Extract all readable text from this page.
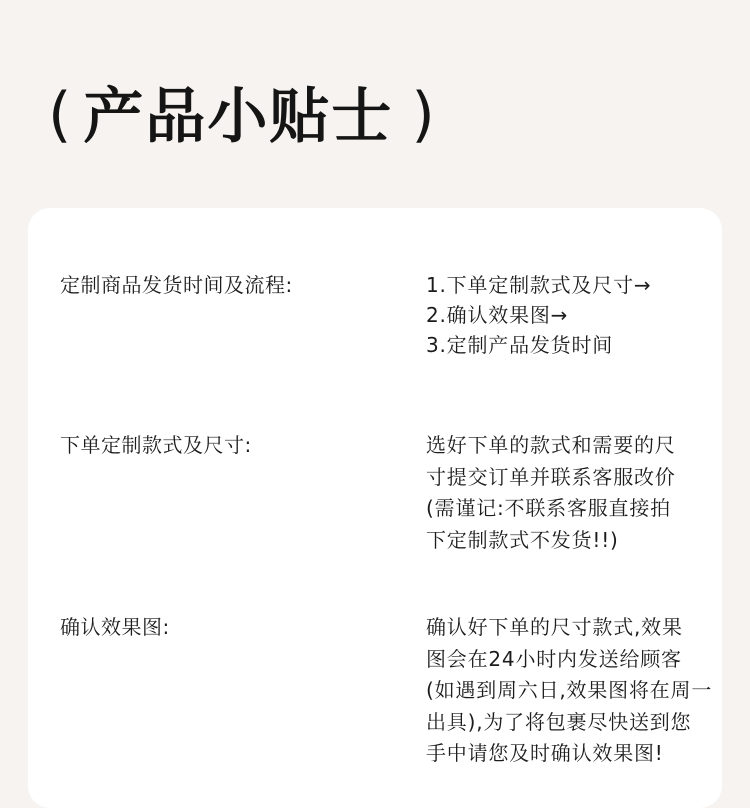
( 产品小贴士 )
定制商品发货时间及流程:	1.下单定制款式及尺寸→
2.确认效果图→
3.定制产品发货时间
下单定制款式及尺寸:	选好下单的款式和需要的尺
寸提交订单并联系客服改价
(需谨记:不联系客服直接拍
下定制款式不发货!!)
确认效果图:	确认好下单的尺寸款式,效果
图会在24小时内发送给顾客
(如遇到周六日,效果图将在周一
出具),为了将包裹尽快送到您
手中请您及时确认效果图!
